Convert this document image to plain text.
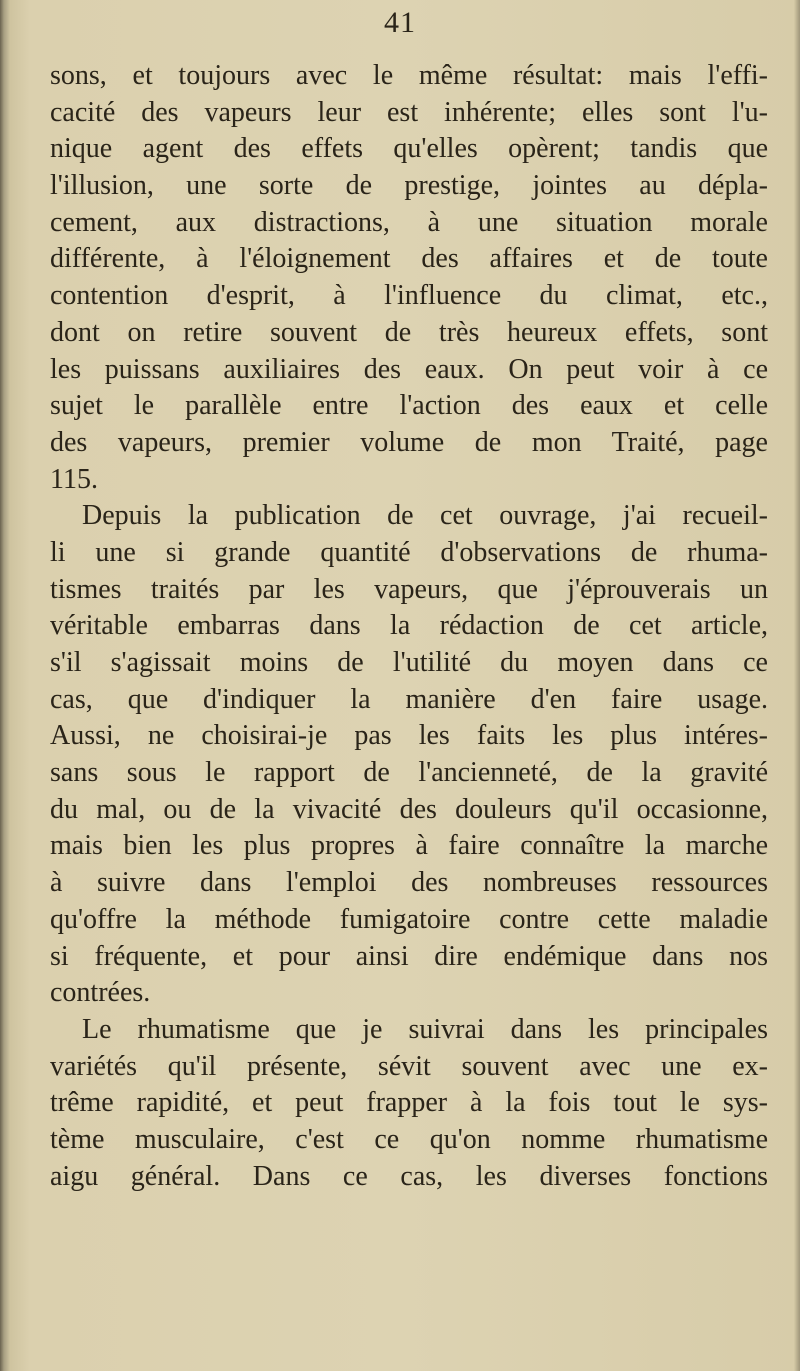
41
sons, et toujours avec le même résultat: mais l'effi-
cacité des vapeurs leur est inhérente; elles sont l'u-
nique agent des effets qu'elles opèrent; tandis que
l'illusion, une sorte de prestige, jointes au dépla-
cement, aux distractions, à une situation morale
différente, à l'éloignement des affaires et de toute
contention d'esprit, à l'influence du climat, etc.,
dont on retire souvent de très heureux effets, sont
les puissans auxiliaires des eaux. On peut voir à ce
sujet le parallèle entre l'action des eaux et celle
des vapeurs, premier volume de mon Traité, page
115.
Depuis la publication de cet ouvrage, j'ai recueil-
li une si grande quantité d'observations de rhuma-
tismes traités par les vapeurs, que j'éprouverais un
véritable embarras dans la rédaction de cet article,
s'il s'agissait moins de l'utilité du moyen dans ce
cas, que d'indiquer la manière d'en faire usage.
Aussi, ne choisirai-je pas les faits les plus intéres-
sans sous le rapport de l'ancienneté, de la gravité
du mal, ou de la vivacité des douleurs qu'il occasionne,
mais bien les plus propres à faire connaître la marche
à suivre dans l'emploi des nombreuses ressources
qu'offre la méthode fumigatoire contre cette maladie
si fréquente, et pour ainsi dire endémique dans nos
contrées.
Le rhumatisme que je suivrai dans les principales
variétés qu'il présente, sévit souvent avec une ex-
trême rapidité, et peut frapper à la fois tout le sys-
tème musculaire, c'est ce qu'on nomme rhumatisme
aigu général. Dans ce cas, les diverses fonctions
